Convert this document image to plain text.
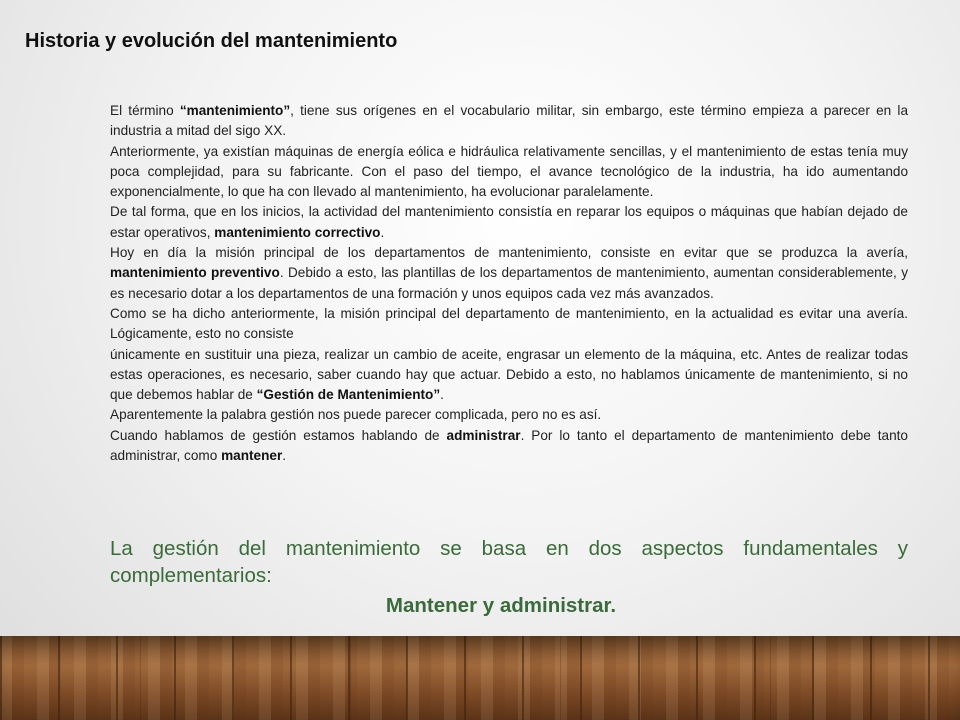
Historia y evolución del mantenimiento

El término “mantenimiento”, tiene sus orígenes en el vocabulario militar, sin embargo, este término empieza a parecer en la industria a mitad del sigo XX.

Anteriormente, ya existían máquinas de energía eólica e hidráulica relativamente sencillas, y el mantenimiento de estas tenía muy poca complejidad, para su fabricante. Con el paso del tiempo, el avance tecnológico de la industria, ha ido aumentando exponencialmente, lo que ha con llevado al mantenimiento, ha evolucionar paralelamente.

De tal forma, que en los inicios, la actividad del mantenimiento consistía en reparar los equipos o máquinas que habían dejado de estar operativos, mantenimiento correctivo.

Hoy en día la misión principal de los departamentos de mantenimiento, consiste en evitar que se produzca la avería, mantenimiento preventivo. Debido a esto, las plantillas de los departamentos de mantenimiento, aumentan considerablemente, y es necesario dotar a los departamentos de una formación y unos equipos cada vez más avanzados.

Como se ha dicho anteriormente, la misión principal del departamento de mantenimiento, en la actualidad es evitar una avería. Lógicamente, esto no consiste

únicamente en sustituir una pieza, realizar un cambio de aceite, engrasar un elemento de la máquina, etc. Antes de realizar todas estas operaciones, es necesario, saber cuando hay que actuar. Debido a esto, no hablamos únicamente de mantenimiento, si no que debemos hablar de “Gestión de Mantenimiento”.

Aparentemente la palabra gestión nos puede parecer complicada, pero no es así.

Cuando hablamos de gestión estamos hablando de administrar. Por lo tanto el departamento de mantenimiento debe tanto administrar, como mantener.

La gestión del mantenimiento se basa en dos aspectos fundamentales y complementarios:
Mantener y administrar.
